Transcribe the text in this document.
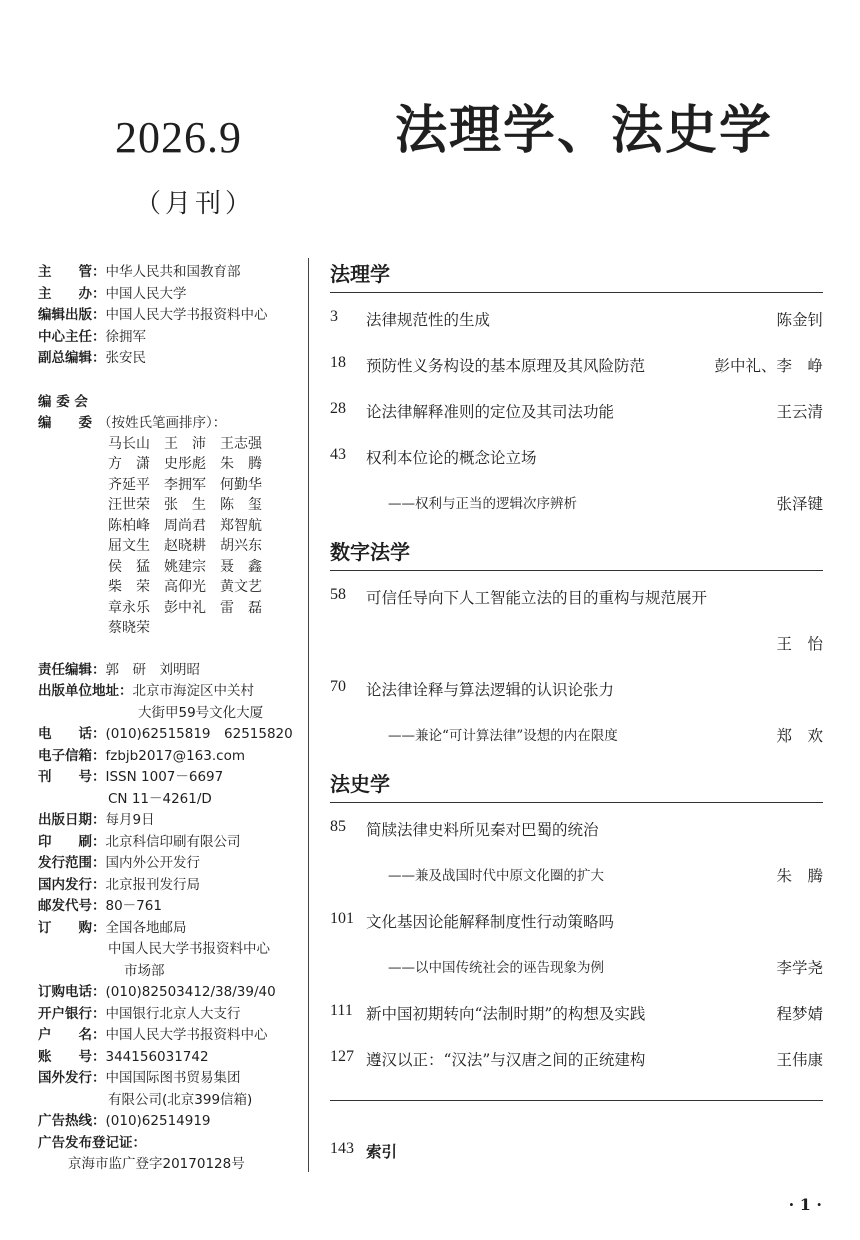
2026.9
（月刊）
法理学、法史学
主　　管：中华人民共和国教育部
主　　办：中国人民大学
编辑出版：中国人民大学书报资料中心
中心主任：徐拥军
副总编辑：张安民
编 委 会
编　　委 （按姓氏笔画排序）：
马长山 王　沛 王志强
方　潇 史彤彪 朱　腾
齐延平 李拥军 何勤华
汪世荣 张　生 陈　玺
陈柏峰 周尚君 郑智航
屈文生 赵晓耕 胡兴东
侯　猛 姚建宗 聂　鑫
柴　荣 高仰光 黄文艺
章永乐 彭中礼 雷　磊
蔡晓荣
责任编辑：郭　研　刘明昭
出版单位地址：北京市海淀区中关村
大街甲59号文化大厦
电　　话：(010)62515819　62515820
电子信箱：fzbjb2017@163.com
刊　　号：ISSN 1007－6697
CN 11－4261/D
出版日期：每月9日
印　　刷：北京科信印刷有限公司
发行范围：国内外公开发行
国内发行：北京报刊发行局
邮发代号：80－761
订　　购：全国各地邮局
中国人民大学书报资料中心
市场部
订购电话：(010)82503412/38/39/40
开户银行：中国银行北京人大支行
户　　名：中国人民大学书报资料中心
账　　号：344156031742
国外发行：中国国际图书贸易集团
有限公司(北京399信箱)
广告热线：(010)62514919
广告发布登记证：
京海市监广登字20170128号
法理学
3 法律规范性的生成	陈金钊
18 预防性义务构设的基本原理及其风险防范	彭中礼、李　峥
28 论法律解释准则的定位及其司法功能	王云清
43 权利本位论的概念论立场
——权利与正当的逻辑次序辨析	张泽键
数字法学
58 可信任导向下人工智能立法的目的重构与规范展开
王　怡
70 论法律诠释与算法逻辑的认识论张力
——兼论“可计算法律”设想的内在限度	郑　欢
法史学
85 简牍法律史料所见秦对巴蜀的统治
——兼及战国时代中原文化圈的扩大	朱　腾
101 文化基因论能解释制度性行动策略吗
——以中国传统社会的诬告现象为例	李学尧
111 新中国初期转向“法制时期”的构想及实践	程梦婧
127 遵汉以正：“汉法”与汉唐之间的正统建构	王伟康
143 索引
· 1 ·
